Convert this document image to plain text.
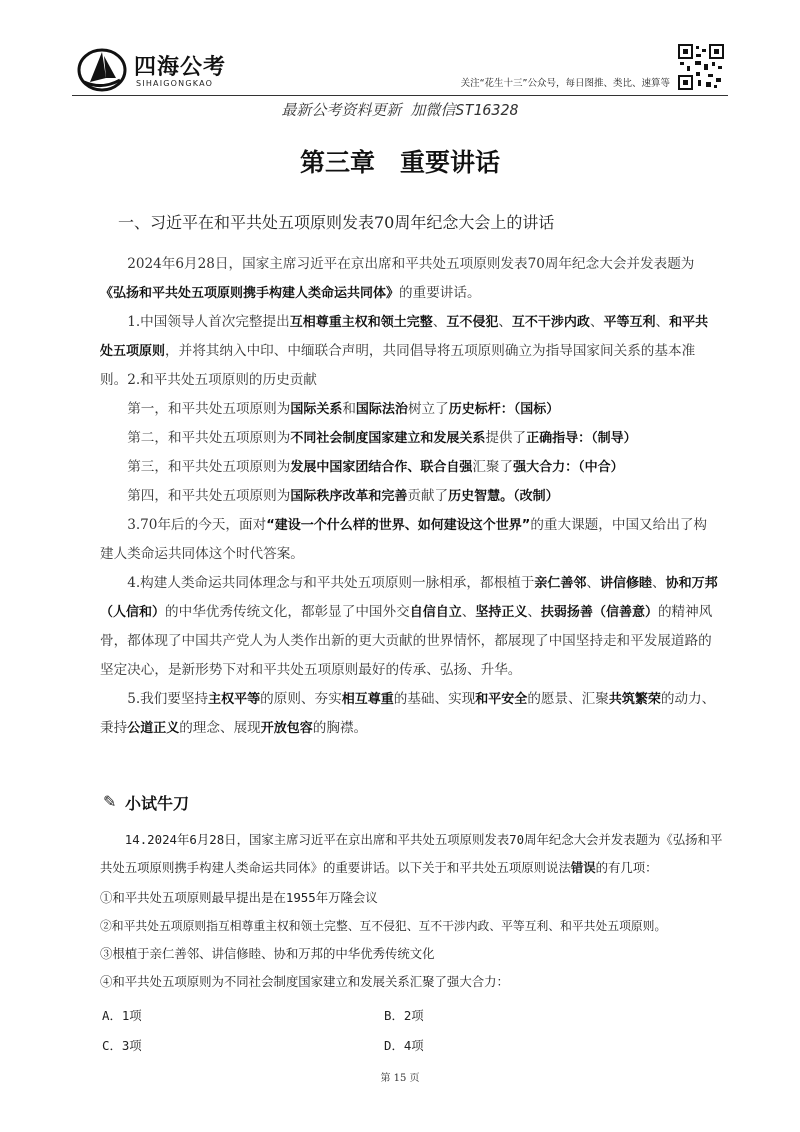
四海公考
SIHAIGONGKAO	关注“花生十三”公众号，每日图推、类比、速算等
最新公考资料更新 加微信ST16328
第三章　重要讲话
一、习近平在和平共处五项原则发表70周年纪念大会上的讲话
2024年6月28日，国家主席习近平在京出席和平共处五项原则发表70周年纪念大会并发表题为《弘扬和平共处五项原则携手构建人类命运共同体》的重要讲话。
1.中国领导人首次完整提出互相尊重主权和领土完整、互不侵犯、互不干涉内政、平等互利、和平共处五项原则，并将其纳入中印、中缅联合声明，共同倡导将五项原则确立为指导国家间关系的基本准则。 2.和平共处五项原则的历史贡献
第一，和平共处五项原则为国际关系和国际法治树立了历史标杆：（国标）
第二，和平共处五项原则为不同社会制度国家建立和发展关系提供了正确指导：（制导）
第三，和平共处五项原则为发展中国家团结合作、联合自强汇聚了强大合力：（中合）
第四，和平共处五项原则为国际秩序改革和完善贡献了历史智慧。（改制）
3.70年后的今天，面对“建设一个什么样的世界、如何建设这个世界”的重大课题，中国又给出了构建人类命运共同体这个时代答案。
4.构建人类命运共同体理念与和平共处五项原则一脉相承，都根植于亲仁善邻、讲信修睦、协和万邦（人信和）的中华优秀传统文化，都彰显了中国外交自信自立、坚持正义、扶弱扬善（信善意）的精神风骨，都体现了中国共产党人为人类作出新的更大贡献的世界情怀，都展现了中国坚持走和平发展道路的坚定决心，是新形势下对和平共处五项原则最好的传承、弘扬、升华。
5.我们要坚持主权平等的原则、夯实相互尊重的基础、实现和平安全的愿景、汇聚共筑繁荣的动力、秉持公道正义的理念、展现开放包容的胸襟。
✎ 小试牛刀
14.2024年6月28日，国家主席习近平在京出席和平共处五项原则发表70周年纪念大会并发表题为《弘扬和平共处五项原则携手构建人类命运共同体》的重要讲话。以下关于和平共处五项原则说法错误的有几项：
①和平共处五项原则最早提出是在1955年万隆会议
②和平共处五项原则指互相尊重主权和领土完整、互不侵犯、互不干涉内政、平等互利、和平共处五项原则。
③根植于亲仁善邻、讲信修睦、协和万邦的中华优秀传统文化
④和平共处五项原则为不同社会制度国家建立和发展关系汇聚了强大合力：
A．1项	B．2项
C．3项	D．4项
第 15 页
